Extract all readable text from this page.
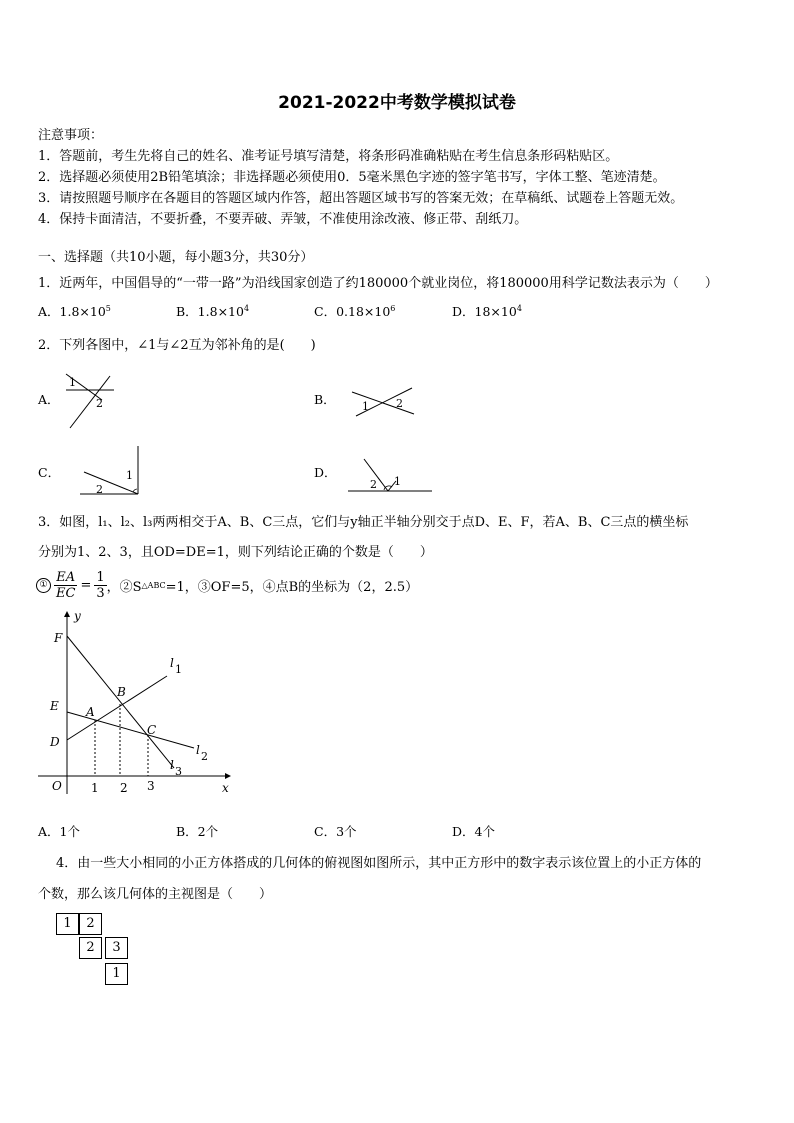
2021-2022中考数学模拟试卷
注意事项：
1．答题前，考生先将自己的姓名、准考证号填写清楚，将条形码准确粘贴在考生信息条形码粘贴区。
2．选择题必须使用2B铅笔填涂；非选择题必须使用0．5毫米黑色字迹的签字笔书写，字体工整、笔迹清楚。
3．请按照题号顺序在各题目的答题区域内作答，超出答题区域书写的答案无效；在草稿纸、试题卷上答题无效。
4．保持卡面清洁，不要折叠，不要弄破、弄皱，不准使用涂改液、修正带、刮纸刀。
一、选择题（共10小题，每小题3分，共30分）
1．近两年，中国倡导的“一带一路”为沿线国家创造了约180000个就业岗位，将180000用科学记数法表示为（　　）
A．$1.8\times 10^5$	B．$1.8\times 10^4$	C．$0.18\times 10^6$	D．$18\times 10^4$
2．下列各图中，∠1与∠2互为邻补角的是(　　)
A．
1
2	B． 1 2
C．	1
2
D．
1
2
3．如图，l₁、l₂、l₃两两相交于A、B、C三点，它们与y轴正半轴分别交于点D、E、F，若A、B、C三点的横坐标
分别为1、2、3，且OD=DE=1，则下列结论正确的个数是（　　）
① $\frac{EA}{EC} = \frac{1}{3}$ ，②S △ABC =1，③OF=5，④点B的坐标为（2，2.5）
y
x
O
F
E
D
A
B
C
l 1
l 2
l 3
1 2 3
A．1个	B．2个	C．3个	D．4个
4．由一些大小相同的小正方体搭成的几何体的俯视图如图所示，其中正方形中的数字表示该位置上的小正方体的
个数，那么该几何体的主视图是（　　）
1	2
2	3
1
